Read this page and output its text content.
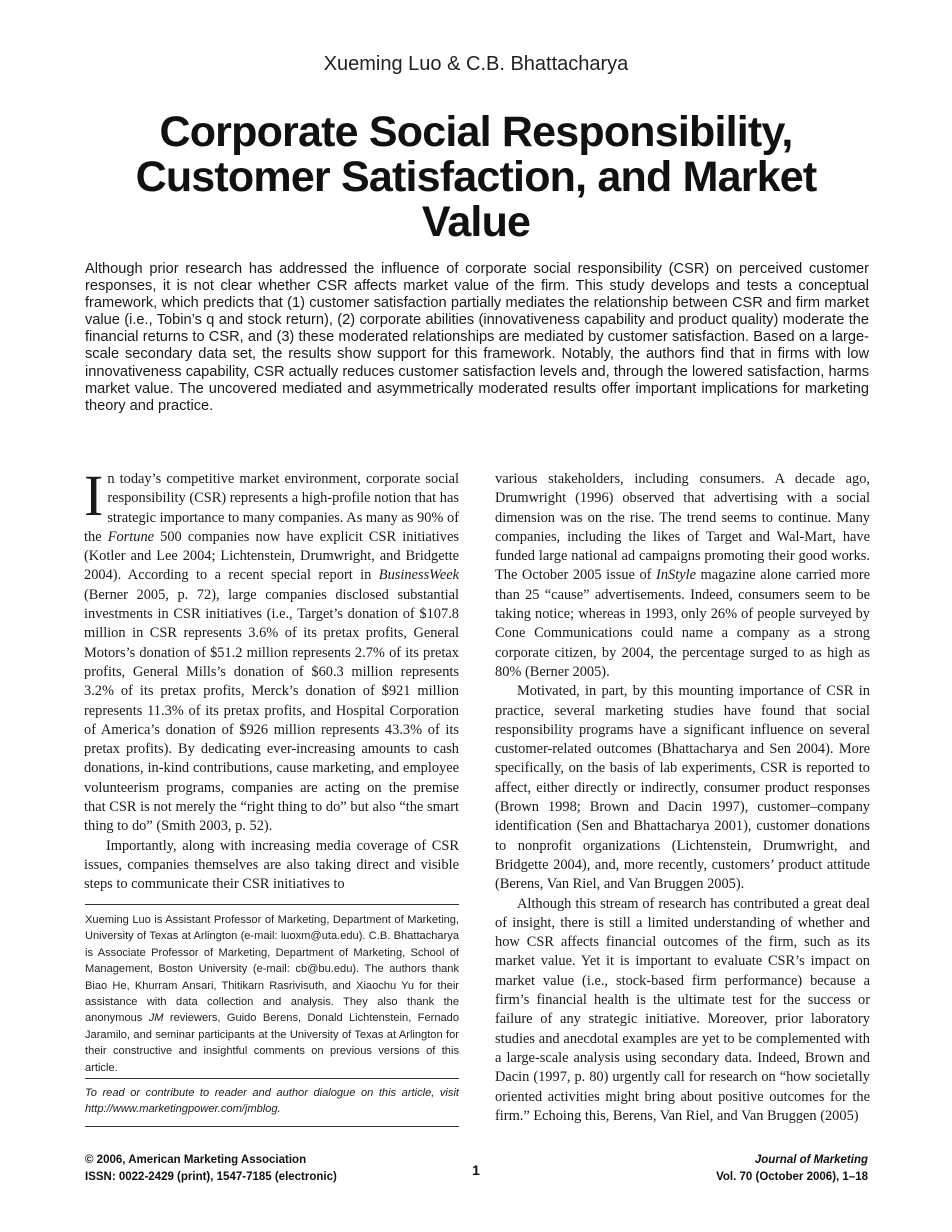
Xueming Luo & C.B. Bhattacharya
Corporate Social Responsibility, Customer Satisfaction, and Market Value

Although prior research has addressed the influence of corporate social responsibility (CSR) on perceived customer responses, it is not clear whether CSR affects market value of the firm. This study develops and tests a conceptual framework, which predicts that (1) customer satisfaction partially mediates the relationship between CSR and firm market value (i.e., Tobin’s q and stock return), (2) corporate abilities (innovativeness capability and product quality) moderate the financial returns to CSR, and (3) these moderated relationships are mediated by customer satisfaction. Based on a large-scale secondary data set, the results show support for this framework. Notably, the authors find that in firms with low innovativeness capability, CSR actually reduces customer satisfaction levels and, through the lowered satisfaction, harms market value. The uncovered mediated and asymmetrically moderated results offer important implications for marketing theory and practice.

In today’s competitive market environment, corporate social responsibility (CSR) represents a high-profile notion that has strategic importance to many companies. As many as 90% of the Fortune 500 companies now have explicit CSR initiatives (Kotler and Lee 2004; Lichtenstein, Drumwright, and Bridgette 2004). According to a recent special report in BusinessWeek (Berner 2005, p. 72), large companies disclosed substantial investments in CSR initiatives (i.e., Target’s donation of $107.8 million in CSR represents 3.6% of its pretax profits, General Motors’s donation of $51.2 million represents 2.7% of its pretax profits, General Mills’s donation of $60.3 million represents 3.2% of its pretax profits, Merck’s donation of $921 million represents 11.3% of its pretax profits, and Hospital Corporation of America’s donation of $926 million represents 43.3% of its pretax profits). By dedicating ever-increasing amounts to cash donations, in-kind contributions, cause marketing, and employee volunteerism programs, companies are acting on the premise that CSR is not merely the “right thing to do” but also “the smart thing to do” (Smith 2003, p. 52).

Importantly, along with increasing media coverage of CSR issues, companies themselves are also taking direct and visible steps to communicate their CSR initiatives to

various stakeholders, including consumers. A decade ago, Drumwright (1996) observed that advertising with a social dimension was on the rise. The trend seems to continue. Many companies, including the likes of Target and Wal-Mart, have funded large national ad campaigns promoting their good works. The October 2005 issue of InStyle magazine alone carried more than 25 “cause” advertisements. Indeed, consumers seem to be taking notice; whereas in 1993, only 26% of people surveyed by Cone Communications could name a company as a strong corporate citizen, by 2004, the percentage surged to as high as 80% (Berner 2005).

Motivated, in part, by this mounting importance of CSR in practice, several marketing studies have found that social responsibility programs have a significant influence on several customer-related outcomes (Bhattacharya and Sen 2004). More specifically, on the basis of lab experiments, CSR is reported to affect, either directly or indirectly, consumer product responses (Brown 1998; Brown and Dacin 1997), customer–company identification (Sen and Bhattacharya 2001), customer donations to nonprofit organizations (Lichtenstein, Drumwright, and Bridgette 2004), and, more recently, customers’ product attitude (Berens, Van Riel, and Van Bruggen 2005).

Although this stream of research has contributed a great deal of insight, there is still a limited understanding of whether and how CSR affects financial outcomes of the firm, such as its market value. Yet it is important to evaluate CSR’s impact on market value (i.e., stock-based firm performance) because a firm’s financial health is the ultimate test for the success or failure of any strategic initiative. Moreover, prior laboratory studies and anecdotal examples are yet to be complemented with a large-scale analysis using secondary data. Indeed, Brown and Dacin (1997, p. 80) urgently call for research on “how societally oriented activities might bring about positive outcomes for the firm.” Echoing this, Berens, Van Riel, and Van Bruggen (2005)

Xueming Luo is Assistant Professor of Marketing, Department of Marketing, University of Texas at Arlington (e-mail: luoxm@uta.edu). C.B. Bhattacharya is Associate Professor of Marketing, Department of Marketing, School of Management, Boston University (e-mail: cb@bu.edu). The authors thank Biao He, Khurram Ansari, Thitikarn Rasrivisuth, and Xiaochu Yu for their assistance with data collection and analysis. They also thank the anonymous JM reviewers, Guido Berens, Donald Lichtenstein, Fernado Jaramilo, and seminar participants at the University of Texas at Arlington for their constructive and insightful comments on previous versions of this article.

To read or contribute to reader and author dialogue on this article, visit http://www.marketingpower.com/jmblog.

© 2006, American Marketing Association
ISSN: 0022-2429 (print), 1547-7185 (electronic)	1
Journal of Marketing
Vol. 70 (October 2006), 1–18
